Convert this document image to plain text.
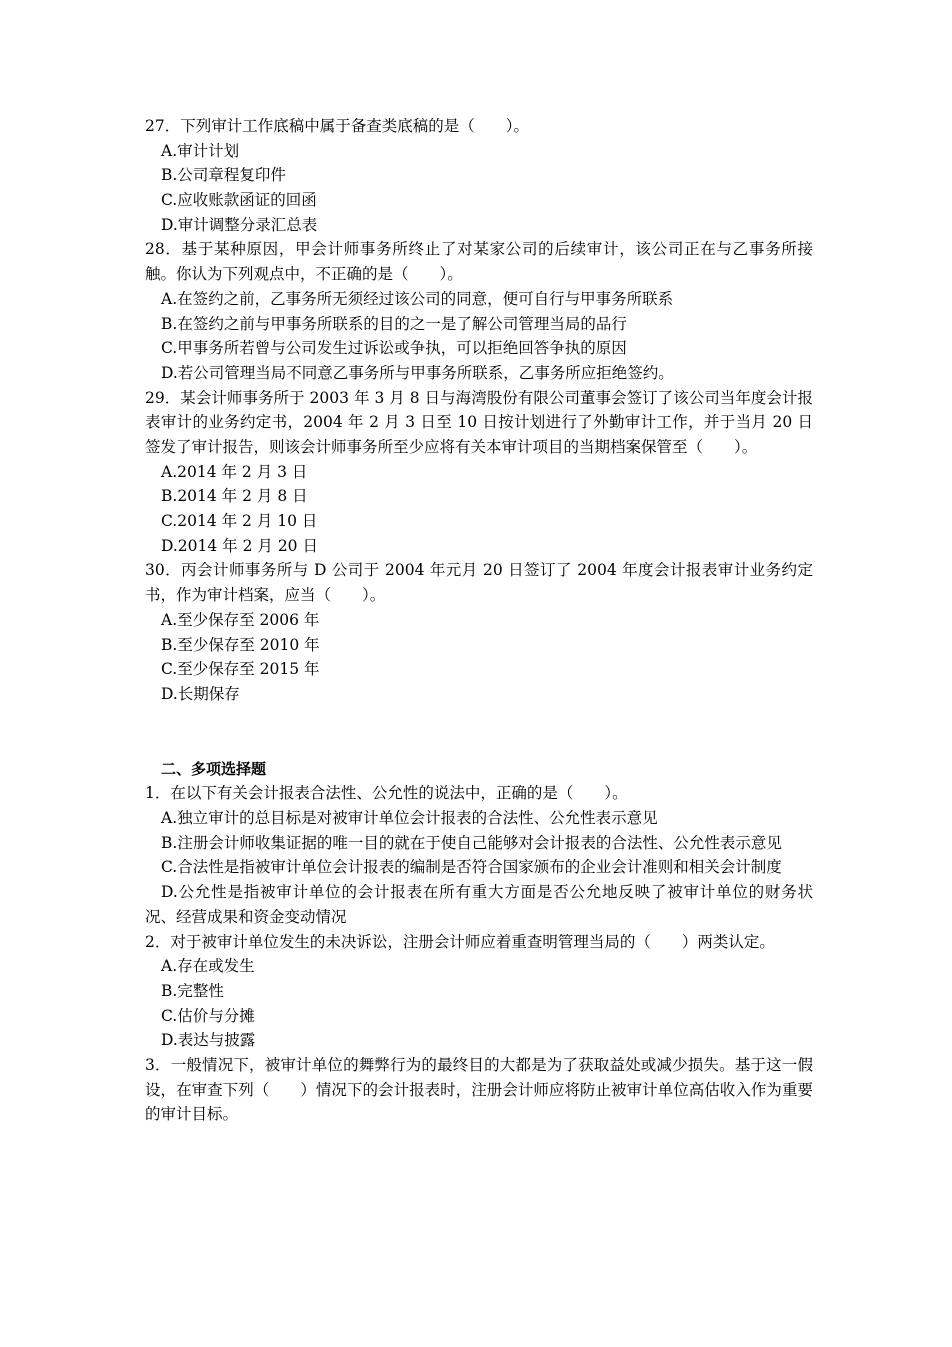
27．下列审计工作底稿中属于备查类底稿的是（　　）。
A.审计计划
B.公司章程复印件
C.应收账款函证的回函
D.审计调整分录汇总表
28．基于某种原因，甲会计师事务所终止了对某家公司的后续审计，该公司正在与乙事务所接触。你认为下列观点中，不正确的是（　　）。
A.在签约之前，乙事务所无须经过该公司的同意，便可自行与甲事务所联系
B.在签约之前与甲事务所联系的目的之一是了解公司管理当局的品行
C.甲事务所若曾与公司发生过诉讼或争执，可以拒绝回答争执的原因
D.若公司管理当局不同意乙事务所与甲事务所联系，乙事务所应拒绝签约。
29．某会计师事务所于 2003 年 3 月 8 日与海湾股份有限公司董事会签订了该公司当年度会计报表审计的业务约定书，2004 年 2 月 3 日至 10 日按计划进行了外勤审计工作，并于当月 20 日签发了审计报告，则该会计师事务所至少应将有关本审计项目的当期档案保管至（　　）。
A.2014 年 2 月 3 日
B.2014 年 2 月 8 日
C.2014 年 2 月 10 日
D.2014 年 2 月 20 日
30．丙会计师事务所与 D 公司于 2004 年元月 20 日签订了 2004 年度会计报表审计业务约定书，作为审计档案，应当（　　）。
A.至少保存至 2006 年
B.至少保存至 2010 年
C.至少保存至 2015 年
D.长期保存
二、多项选择题
1．在以下有关会计报表合法性、公允性的说法中，正确的是（　　）。
A.独立审计的总目标是对被审计单位会计报表的合法性、公允性表示意见
B.注册会计师收集证据的唯一目的就在于使自己能够对会计报表的合法性、公允性表示意见
C.合法性是指被审计单位会计报表的编制是否符合国家颁布的企业会计准则和相关会计制度
D.公允性是指被审计单位的会计报表在所有重大方面是否公允地反映了被审计单位的财务状况、经营成果和资金变动情况
2．对于被审计单位发生的未决诉讼，注册会计师应着重查明管理当局的（　　）两类认定。
A.存在或发生
B.完整性
C.估价与分摊
D.表达与披露
3．一般情况下，被审计单位的舞弊行为的最终目的大都是为了获取益处或减少损失。基于这一假设，在审查下列（　　）情况下的会计报表时，注册会计师应将防止被审计单位高估收入作为重要的审计目标。
